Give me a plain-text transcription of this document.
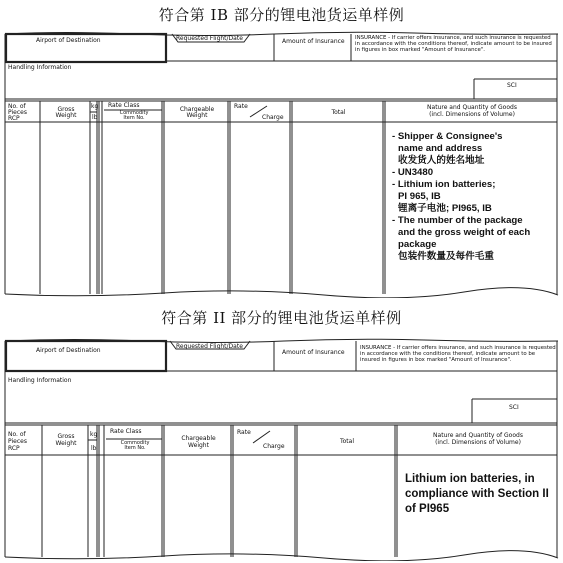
符合第 IB 部分的锂电池货运单样例
Airport of Destination	Requested Flight/Date	Amount of Insurance INSURANCE - If carrier offers insurance, and such insurance is requested in accordance with the conditions thereof, indicate amount to be insured in figures in box marked "Amount of Insurance".
Handling Information
SCI
No. of
Pieces
RCP
Gross
Weight
kg
lb
Rate Class
Commodity
Item No.
Chargeable
Weight
Rate
Charge
Total
Nature and Quantity of Goods
(incl. Dimensions of Volume)
- Shipper & Consignee's
name and address
收发货人的姓名地址
- UN3480
- Lithium ion batteries;
PI 965, IB
锂离子电池; PI965, IB
- The number of the package
and the gross weight of each
package
包装件数量及每件毛重
符合第 II 部分的锂电池货运单样例
Airport of Destination
Requested Flight/Date
Amount of Insurance
INSURANCE - If carrier offers insurance, and such insurance is requested in accordance with the conditions thereof, indicate amount to be insured in figures in box marked "Amount of Insurance".
Handling Information
SCI
No. of
Pieces
RCP
Gross
Weight
kg
lb
Rate Class
Commodity
Item No.
Chargeable
Weight
Rate
Charge
Total
Nature and Quantity of Goods
(incl. Dimensions of Volume)
Lithium ion batteries, in
compliance with Section II
of PI965
